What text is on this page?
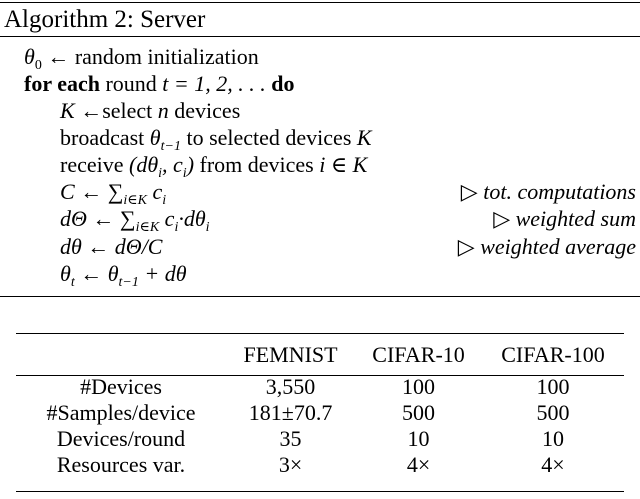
Algorithm 2: Server
$\theta_0$ ← random initialization
for each round t = 1, 2, . . . do
K ←select n devices
broadcast $\theta_{t-1}$ to selected devices K
receive ($d\theta_i$, $c_i$) from devices i ∈ K
C ← $\sum_{i\in K}$ $c_i$	▷ tot. computations
dΘ ← $\sum_{i\in K}$ $c_i\cdot d\theta_i$	▷ weighted sum
dθ ← dΘ/C	▷ weighted average
$\theta_t$ ← $\theta_{t-1} + d\theta$
	FEMNIST	CIFAR-10	CIFAR-100
#Devices	3,550	100	100
#Samples/device	181±70.7	500	500
Devices/round	35	10	10
Resources var.	3×	4×	4×
